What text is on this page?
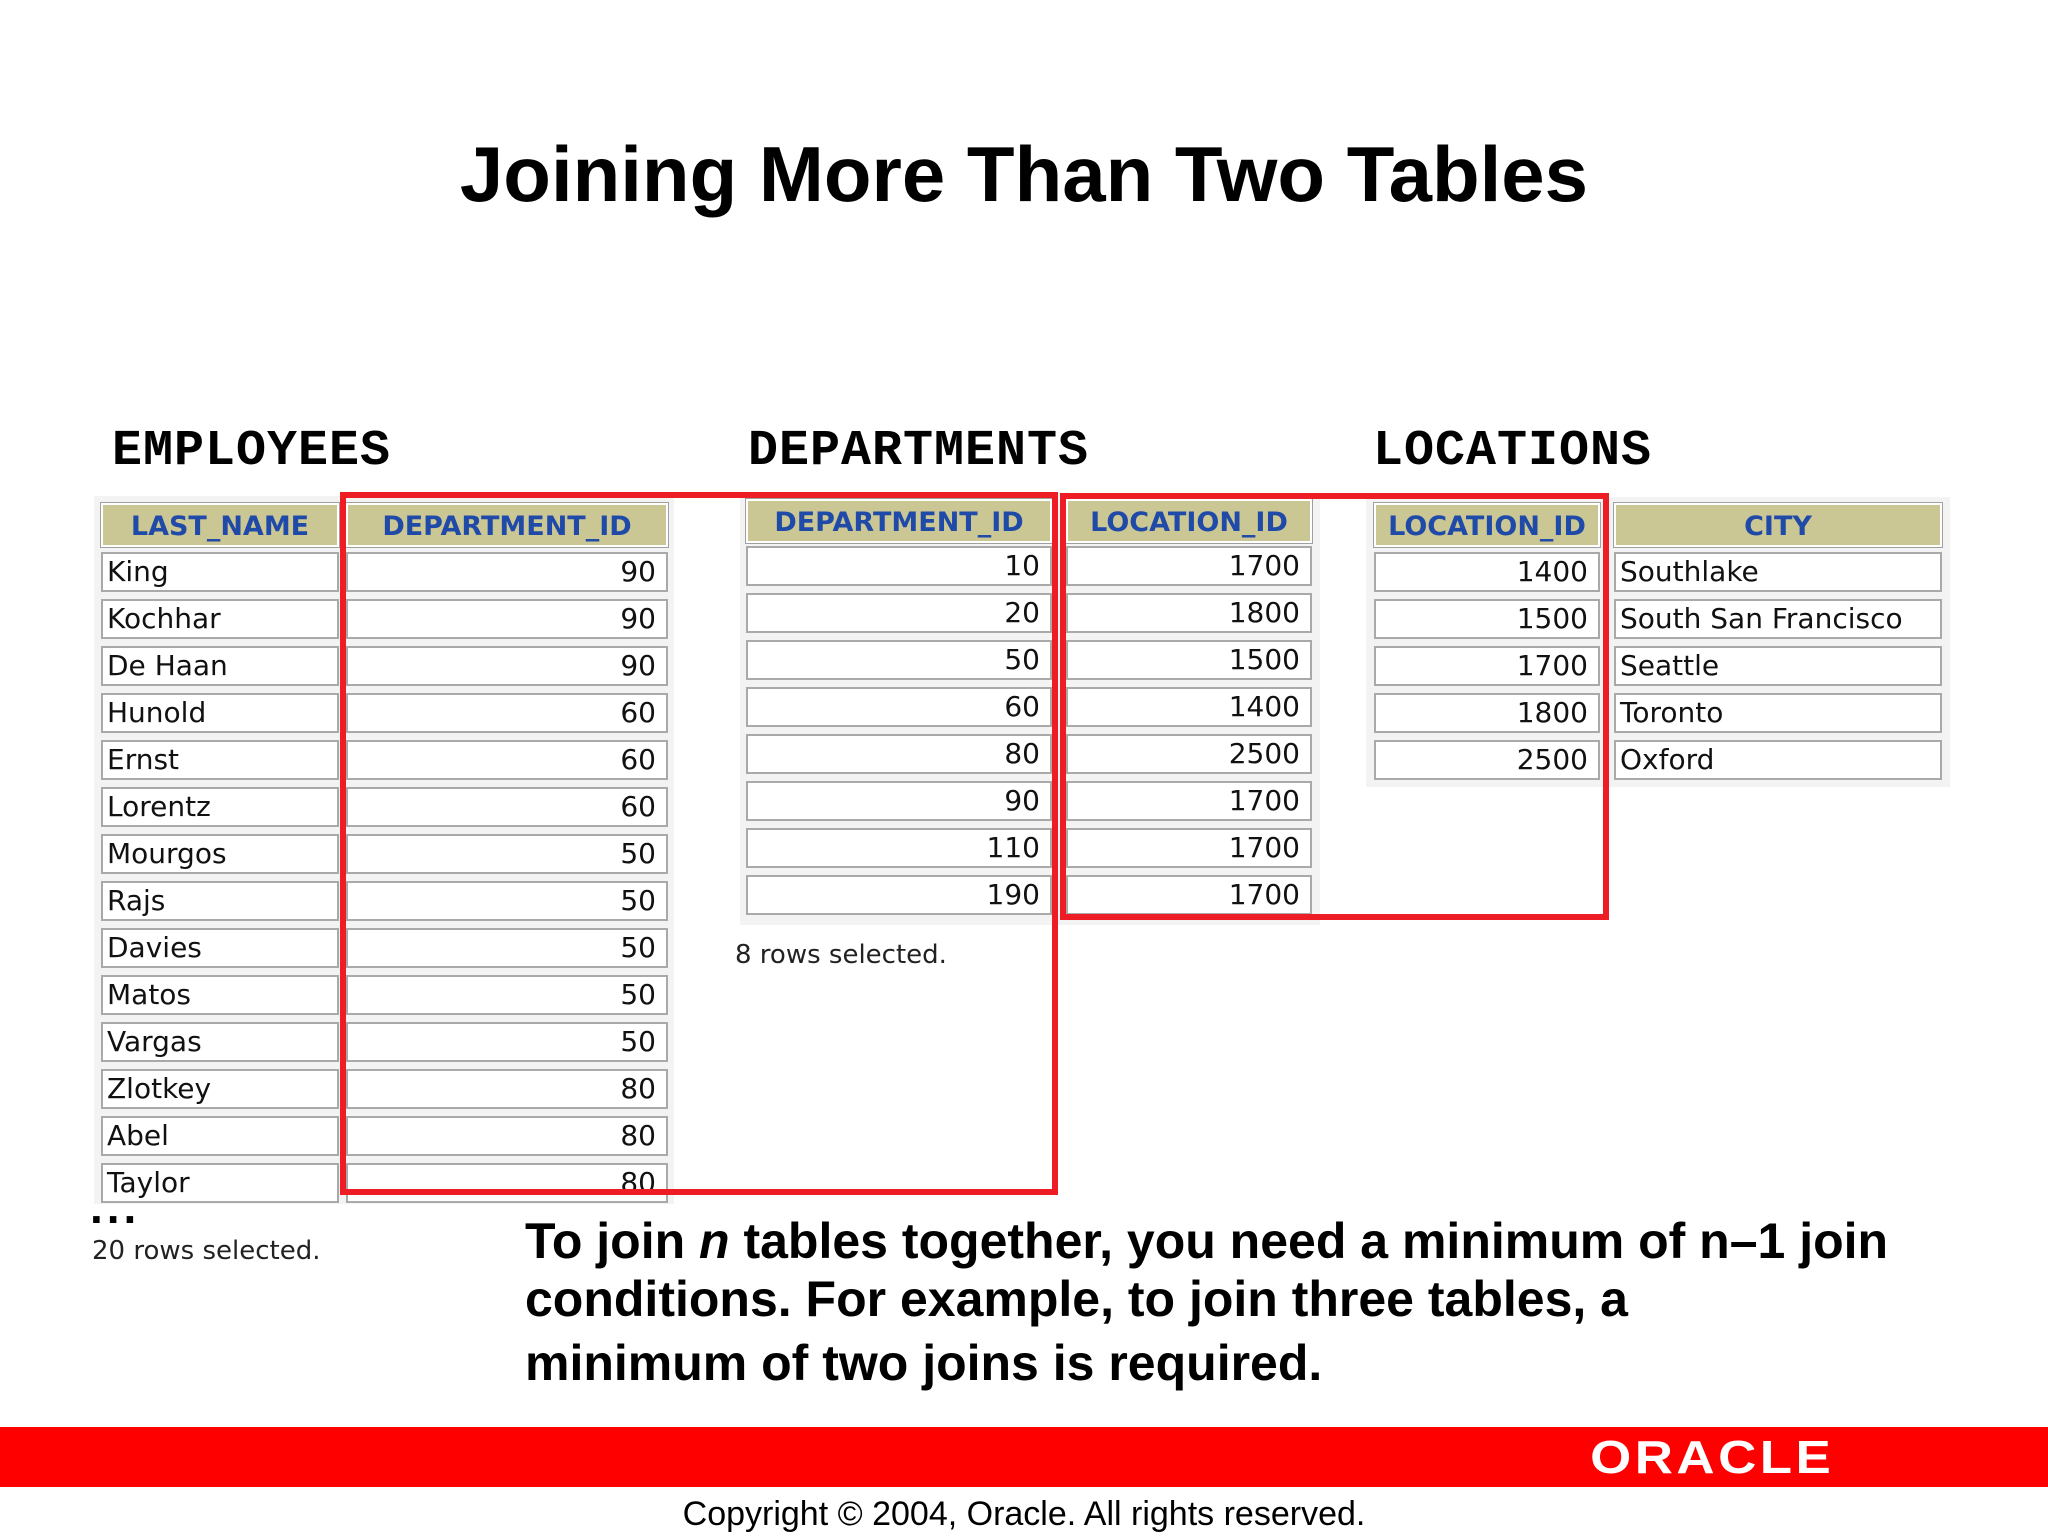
Joining More Than Two Tables
EMPLOYEES	DEPARTMENTS	LOCATIONS
LAST_NAME	DEPARTMENT_ID
King	90
Kochhar	90
De Haan	90
Hunold	60
Ernst	60
Lorentz	60
Mourgos	50
Rajs	50
Davies	50
Matos	50
Vargas	50
Zlotkey	80
Abel	80
Taylor	80
...
20 rows selected.
DEPARTMENT_ID	LOCATION_ID
10	1700
20	1800
50	1500
60	1400
80	2500
90	1700
110	1700
190	1700
8 rows selected.
LOCATION_ID	CITY
1400	Southlake
1500	South San Francisco
1700	Seattle
1800	Toronto
2500	Oxford
To join n tables together, you need a minimum of n–1 join conditions. For example, to join three tables, a
minimum of two joins is required.
ORACLE
Copyright © 2004, Oracle. All rights reserved.
